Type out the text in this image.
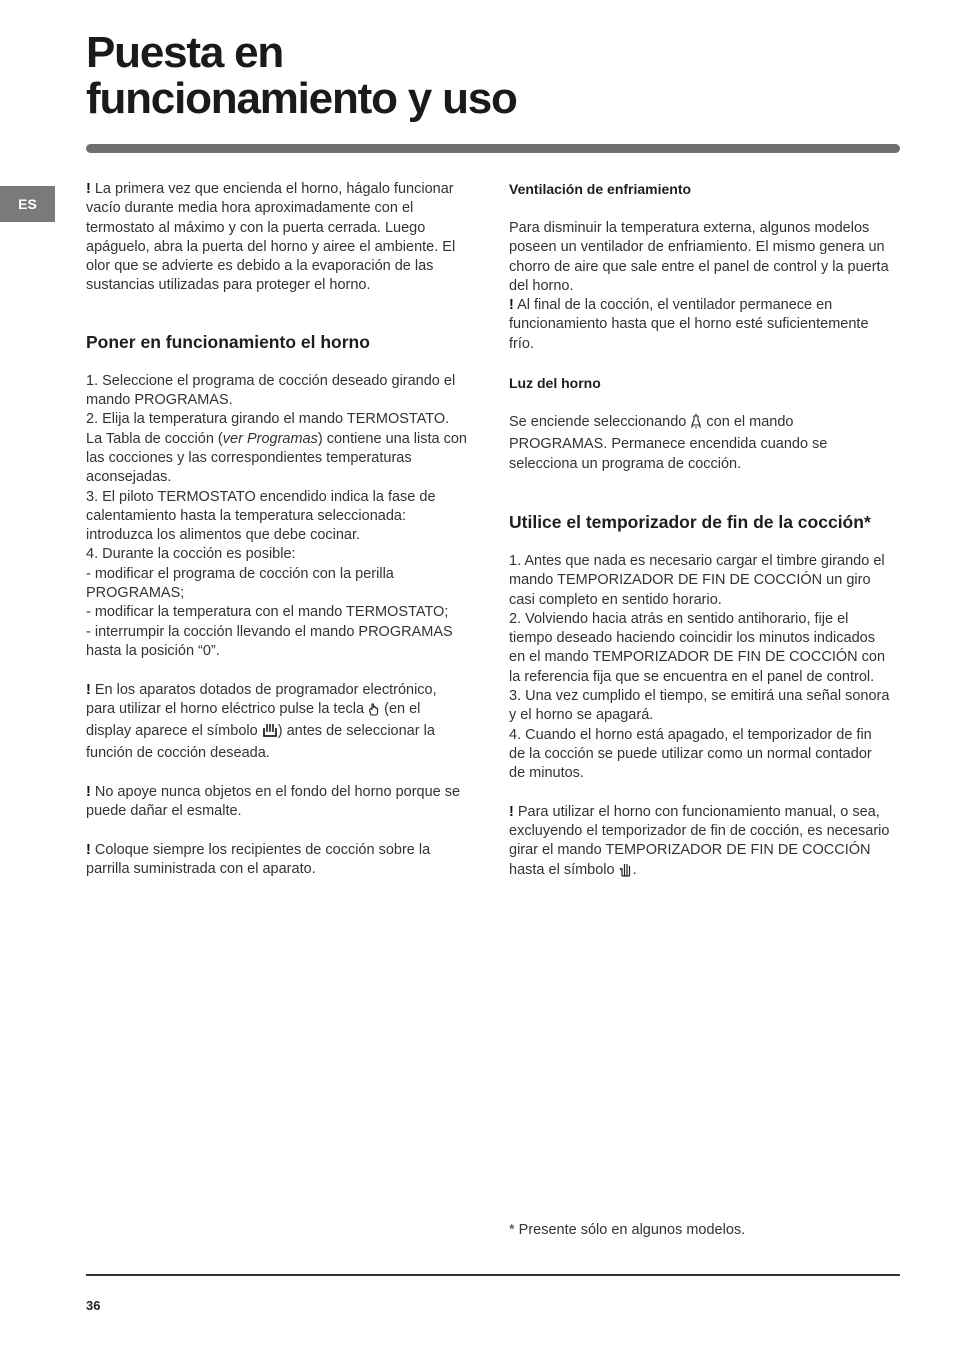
Puesta en
funcionamiento y uso
ES

! La primera vez que encienda el horno, hágalo funcionar vacío durante media hora aproximadamente con el termostato al máximo y con la puerta cerrada. Luego apáguelo, abra la puerta del horno y airee el ambiente. El olor que se advierte es debido a la evaporación de las sustancias utilizadas para proteger el horno.

Poner en funcionamiento el horno

1. Seleccione el programa de cocción deseado girando el mando PROGRAMAS.

2. Elija la temperatura girando el mando TERMOSTATO. La Tabla de cocción (ver Programas) contiene una lista con las cocciones y las correspondientes temperaturas aconsejadas.

3. El piloto TERMOSTATO encendido indica la fase de calentamiento hasta la temperatura seleccionada: introduzca los alimentos que debe cocinar.

4. Durante la cocción es posible:

- modificar el programa de cocción con la perilla PROGRAMAS;

- modificar la temperatura con el mando TERMOSTATO;

- interrumpir la cocción llevando el mando PROGRAMAS hasta la posición “0”.

! En los aparatos dotados de programador electrónico, para utilizar el horno eléctrico pulse la tecla  (en el display aparece el símbolo ) antes de seleccionar la función de cocción deseada.

! No apoye nunca objetos en el fondo del horno porque se puede dañar el esmalte.

! Coloque siempre los recipientes de cocción sobre la parrilla suministrada con el aparato.

Ventilación de enfriamiento

Para disminuir la temperatura externa, algunos modelos poseen un ventilador de enfriamiento. El mismo genera un chorro de aire que sale entre el panel de control y la puerta del horno.

! Al final de la cocción, el ventilador permanece en funcionamiento hasta que el horno esté suficientemente frío.

Luz del horno

Se enciende seleccionando  con el mando PROGRAMAS. Permanece encendida cuando se selecciona un programa de cocción.

Utilice el temporizador de fin de la cocción*

1. Antes que nada es necesario cargar el timbre girando el mando TEMPORIZADOR DE FIN DE COCCIÓN un giro casi completo en sentido horario.

2. Volviendo hacia atrás en sentido antihorario, fije el tiempo deseado haciendo coincidir los minutos indicados en el mando TEMPORIZADOR DE FIN DE COCCIÓN con la referencia fija que se encuentra en el panel de control.

3. Una vez cumplido el tiempo, se emitirá una señal sonora y el horno se apagará.

4. Cuando el horno está apagado, el temporizador de fin de la cocción se puede utilizar como un normal contador de minutos.

! Para utilizar el horno con funcionamiento manual, o sea, excluyendo el temporizador de fin de cocción, es necesario girar el mando TEMPORIZADOR DE FIN DE COCCIÓN hasta el símbolo .

* Presente sólo en algunos modelos.
36
